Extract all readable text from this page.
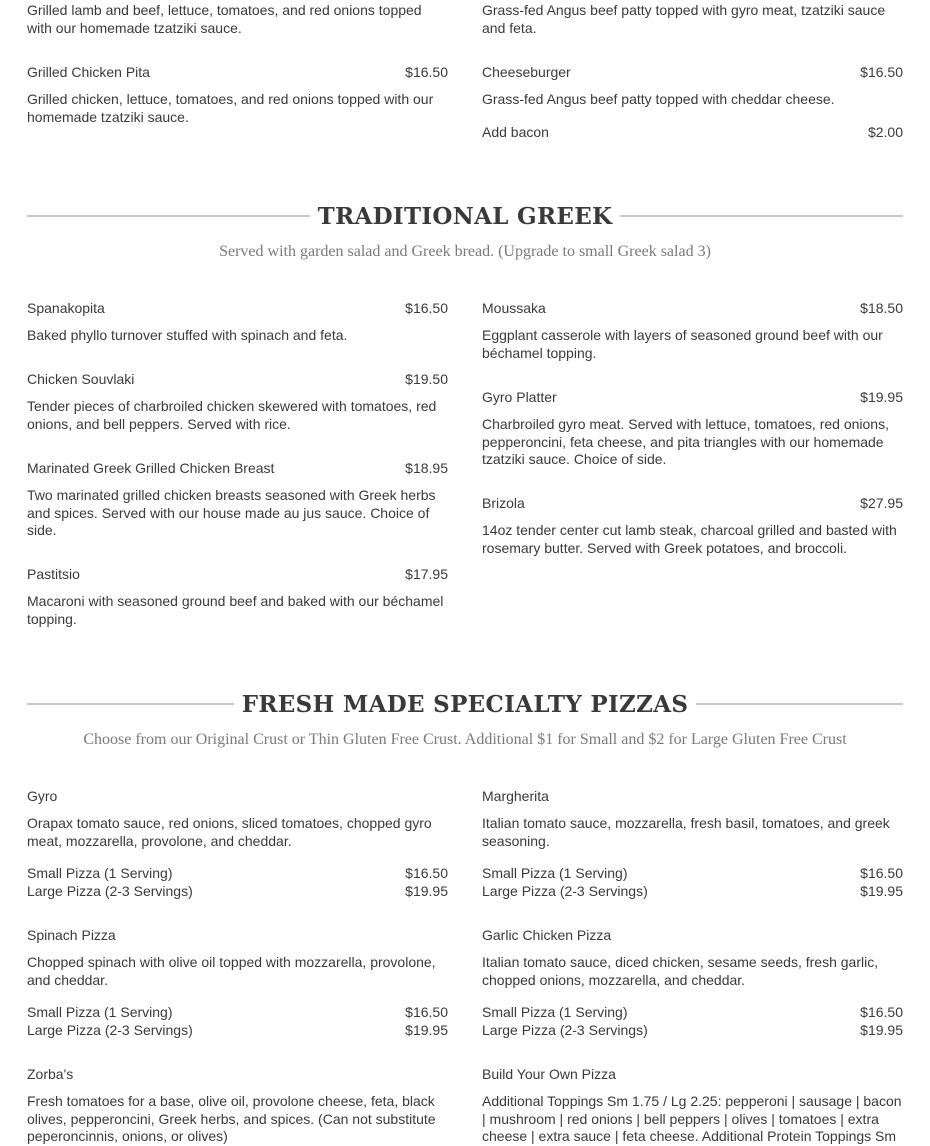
Grilled lamb and beef, lettuce, tomatoes, and red onions topped with our homemade tzatziki sauce.
Grilled Chicken Pita	$16.50
Grilled chicken, lettuce, tomatoes, and red onions topped with our homemade tzatziki sauce.
Grass-fed Angus beef patty topped with gyro meat, tzatziki sauce and feta.
Cheeseburger	$16.50
Grass-fed Angus beef patty topped with cheddar cheese.
Add bacon	$2.00
TRADITIONAL GREEK
Served with garden salad and Greek bread. (Upgrade to small Greek salad 3)
Spanakopita	$16.50
Baked phyllo turnover stuffed with spinach and feta.
Chicken Souvlaki	$19.50
Tender pieces of charbroiled chicken skewered with tomatoes, red onions, and bell peppers. Served with rice.
Marinated Greek Grilled Chicken Breast	$18.95
Two marinated grilled chicken breasts seasoned with Greek herbs and spices. Served with our house made au jus sauce. Choice of side.
Pastitsio	$17.95
Macaroni with seasoned ground beef and baked with our béchamel topping.
Moussaka	$18.50
Eggplant casserole with layers of seasoned ground beef with our béchamel topping.
Gyro Platter	$19.95
Charbroiled gyro meat. Served with lettuce, tomatoes, red onions, pepperoncini, feta cheese, and pita triangles with our homemade tzatziki sauce. Choice of side.
Brizola	$27.95
14oz tender center cut lamb steak, charcoal grilled and basted with rosemary butter. Served with Greek potatoes, and broccoli.
FRESH MADE SPECIALTY PIZZAS
Choose from our Original Crust or Thin Gluten Free Crust. Additional $1 for Small and $2 for Large Gluten Free Crust
Gyro
Orapax tomato sauce, red onions, sliced tomatoes, chopped gyro meat, mozzarella, provolone, and cheddar.
Small Pizza (1 Serving)	$16.50
Large Pizza (2-3 Servings)	$19.95
Spinach Pizza
Chopped spinach with olive oil topped with mozzarella, provolone, and cheddar.
Small Pizza (1 Serving)	$16.50
Large Pizza (2-3 Servings)	$19.95
Zorba's
Fresh tomatoes for a base, olive oil, provolone cheese, feta, black olives, pepperoncini, Greek herbs, and spices. (Can not substitute peperoncinnis, onions, or olives)
Margherita
Italian tomato sauce, mozzarella, fresh basil, tomatoes, and greek seasoning.
Small Pizza (1 Serving)	$16.50
Large Pizza (2-3 Servings)	$19.95
Garlic Chicken Pizza
Italian tomato sauce, diced chicken, sesame seeds, fresh garlic, chopped onions, mozzarella, and cheddar.
Small Pizza (1 Serving)	$16.50
Large Pizza (2-3 Servings)	$19.95
Build Your Own Pizza
Additional Toppings Sm 1.75 / Lg 2.25: pepperoni | sausage | bacon | mushroom | red onions | bell peppers | olives | tomatoes | extra cheese | extra sauce | feta cheese. Additional Protein Toppings Sm
